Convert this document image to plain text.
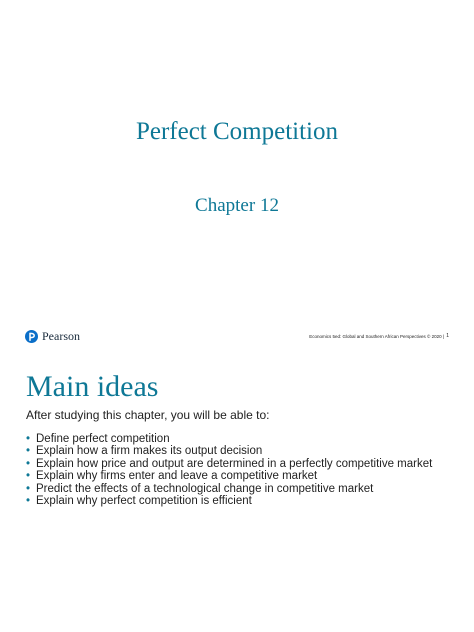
Perfect Competition
Chapter 12
Pearson	Economics 5ed: Global and Southern African Perspectives © 2020 | 1
Main ideas
After studying this chapter, you will be able to:
• Define perfect competition
• Explain how a firm makes its output decision
• Explain how price and output are determined in a perfectly competitive market
• Explain why firms enter and leave a competitive market
• Predict the effects of a technological change in competitive market
• Explain why perfect competition is efficient
